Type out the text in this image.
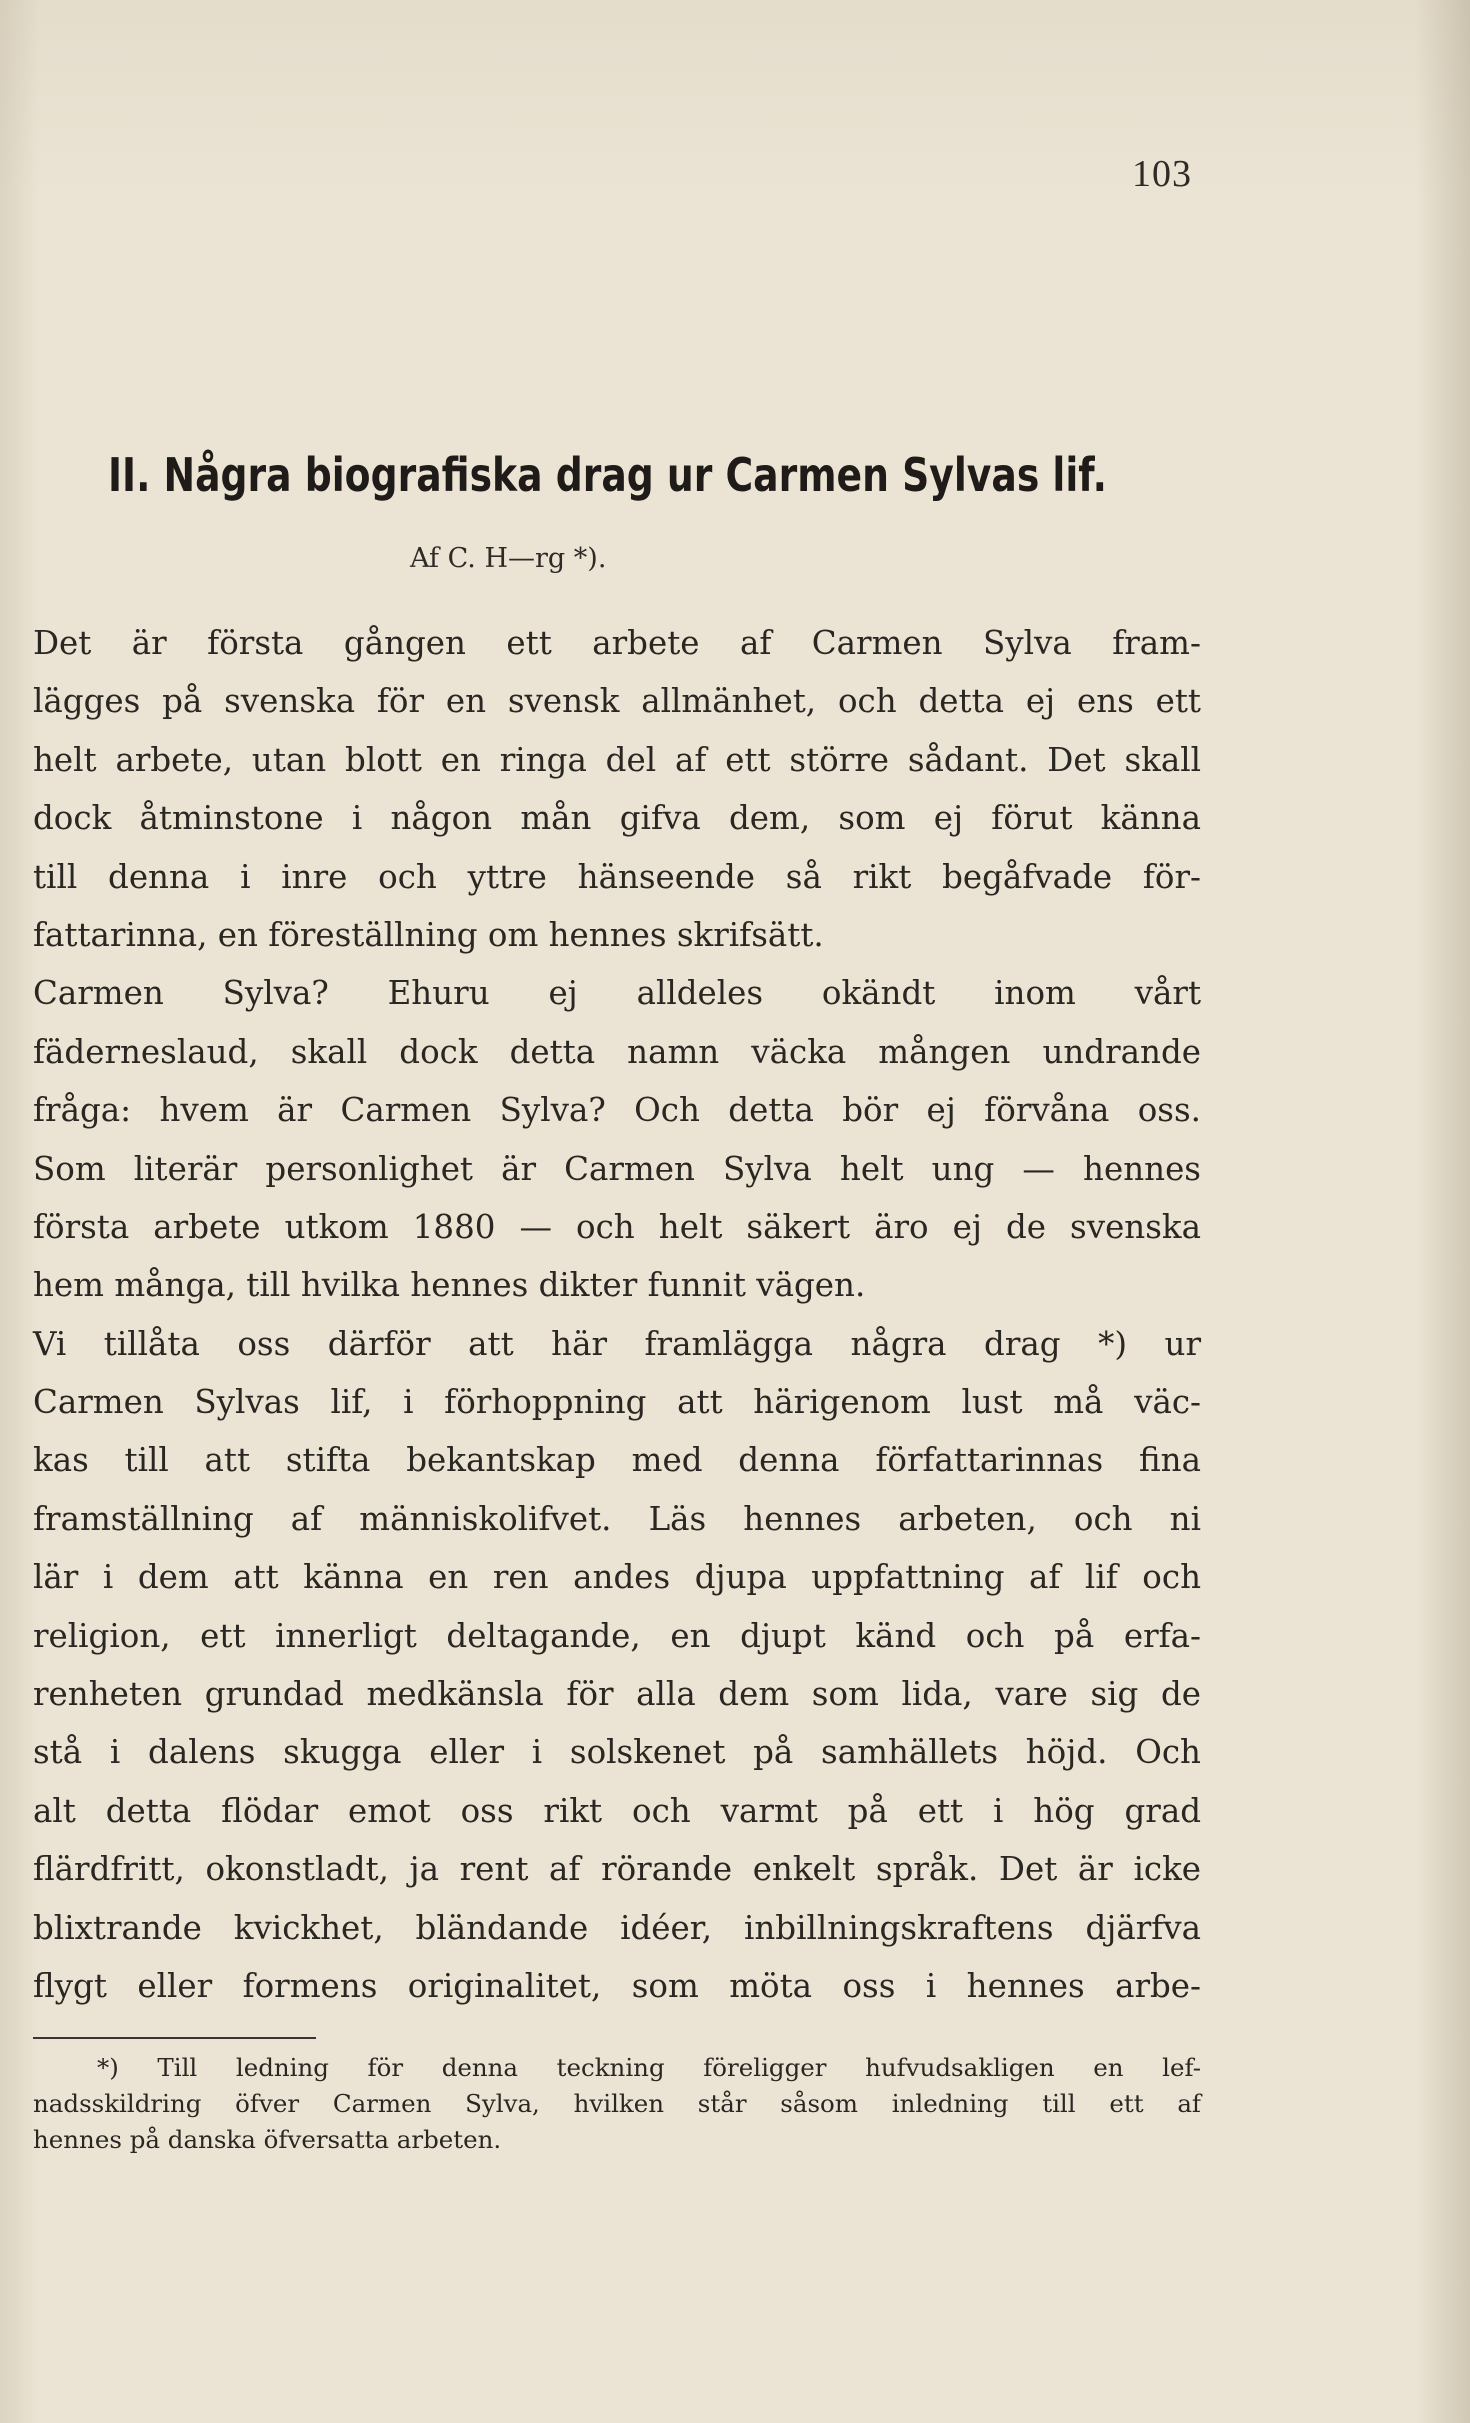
103
II. Några biografiska drag ur Carmen Sylvas lif.
Af C. H—rg *).
Det är första gången ett arbete af Carmen Sylva fram-
lägges på svenska för en svensk allmänhet, och detta ej ens ett
helt arbete, utan blott en ringa del af ett större sådant. Det skall
dock åtminstone i någon mån gifva dem, som ej förut känna
till denna i inre och yttre hänseende så rikt begåfvade för-
fattarinna, en föreställning om hennes skrifsätt.
Carmen Sylva? Ehuru ej alldeles okändt inom vårt
fäderneslaud, skall dock detta namn väcka mången undrande
fråga: hvem är Carmen Sylva? Och detta bör ej förvåna oss.
Som literär personlighet är Carmen Sylva helt ung — hennes
första arbete utkom 1880 — och helt säkert äro ej de svenska
hem många, till hvilka hennes dikter funnit vägen.
Vi tillåta oss därför att här framlägga några drag *) ur
Carmen Sylvas lif, i förhoppning att härigenom lust må väc-
kas till att stifta bekantskap med denna författarinnas fina
framställning af människolifvet. Läs hennes arbeten, och ni
lär i dem att känna en ren andes djupa uppfattning af lif och
religion, ett innerligt deltagande, en djupt känd och på erfa-
renheten grundad medkänsla för alla dem som lida, vare sig de
stå i dalens skugga eller i solskenet på samhällets höjd. Och
alt detta flödar emot oss rikt och varmt på ett i hög grad
flärdfritt, okonstladt, ja rent af rörande enkelt språk. Det är icke
blixtrande kvickhet, bländande idéer, inbillningskraftens djärfva
flygt eller formens originalitet, som möta oss i hennes arbe-
*) Till ledning för denna teckning föreligger hufvudsakligen en lef-
nadsskildring öfver Carmen Sylva, hvilken står såsom inledning till ett af
hennes på danska öfversatta arbeten.
